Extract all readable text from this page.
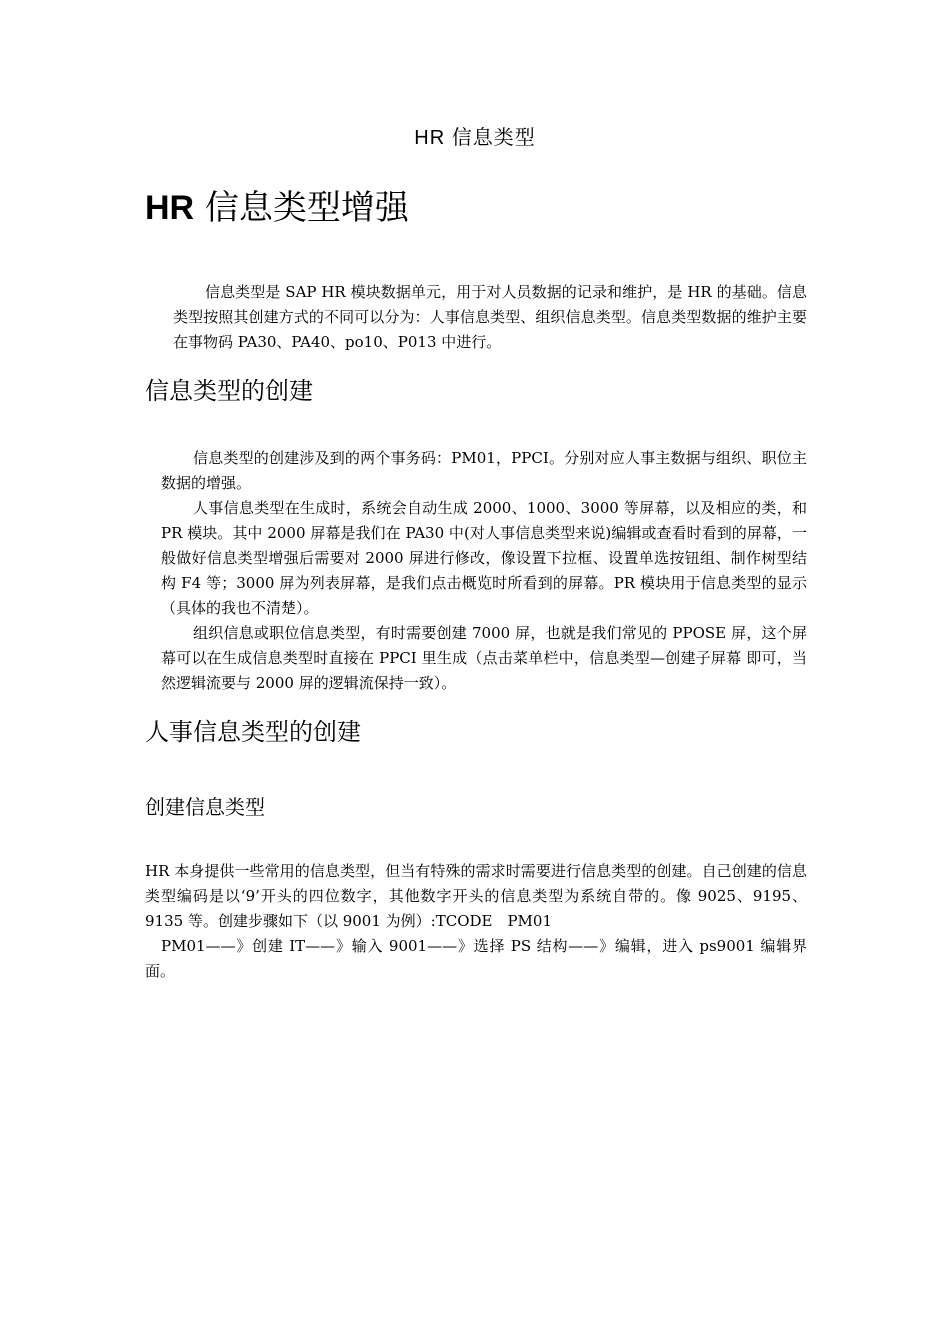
HR 信息类型
HR 信息类型增强

信息类型是 SAP HR 模块数据单元，用于对人员数据的记录和维护，是 HR 的基础。信息类型按照其创建方式的不同可以分为：人事信息类型、组织信息类型。信息类型数据的维护主要在事物码 PA30、PA40、po10、P013 中进行。

信息类型的创建

信息类型的创建涉及到的两个事务码：PM01，PPCI。分别对应人事主数据与组织、职位主数据的增强。

人事信息类型在生成时，系统会自动生成 2000、1000、3000 等屏幕，以及相应的类，和 PR 模块。其中 2000 屏幕是我们在 PA30 中(对人事信息类型来说)编辑或查看时看到的屏幕，一般做好信息类型增强后需要对 2000 屏进行修改，像设置下拉框、设置单选按钮组、制作树型结构 F4 等；3000 屏为列表屏幕，是我们点击概览时所看到的屏幕。PR 模块用于信息类型的显示（具体的我也不清楚）。

组织信息或职位信息类型，有时需要创建 7000 屏，也就是我们常见的 PPOSE 屏，这个屏幕可以在生成信息类型时直接在 PPCI 里生成（点击菜单栏中，信息类型—创建子屏幕 即可，当然逻辑流要与 2000 屏的逻辑流保持一致）。

人事信息类型的创建
创建信息类型

HR 本身提供一些常用的信息类型，但当有特殊的需求时需要进行信息类型的创建。自己创建的信息类型编码是以‘9’开头的四位数字，其他数字开头的信息类型为系统自带的。像 9025、9195、9135 等。创建步骤如下（以 9001 为例）:TCODE　PM01

PM01——》创建 IT——》输入 9001——》选择 PS 结构——》编辑，进入 ps9001 编辑界面。
